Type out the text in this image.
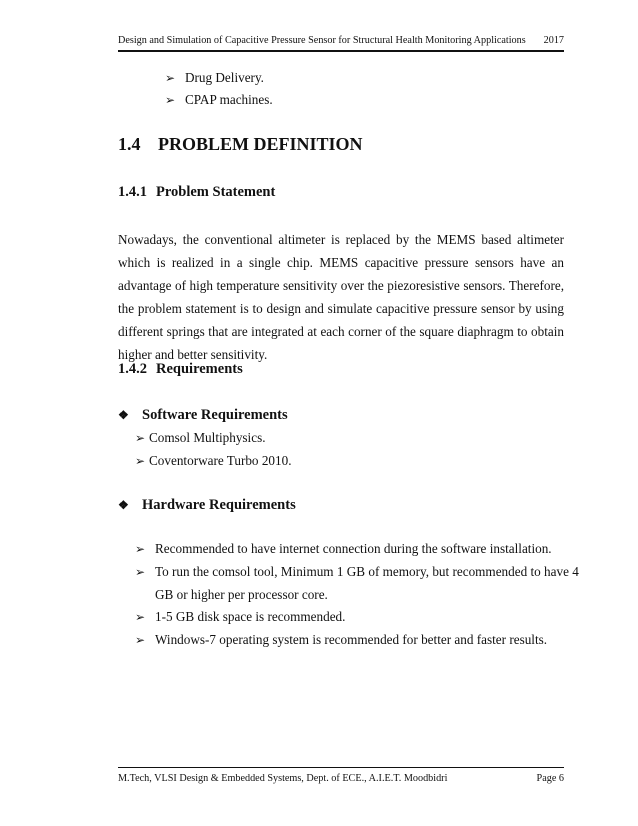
Design and Simulation of Capacitive Pressure Sensor for Structural Health Monitoring Applications 2017
➢ Drug Delivery.
➢ CPAP machines.
1.4 PROBLEM DEFINITION
1.4.1 Problem Statement
Nowadays, the conventional altimeter is replaced by the MEMS based altimeter which is realized in a single chip. MEMS capacitive pressure sensors have an advantage of high temperature sensitivity over the piezoresistive sensors. Therefore, the problem statement is to design and simulate capacitive pressure sensor by using different springs that are integrated at each corner of the square diaphragm to obtain higher and better sensitivity.
1.4.2 Requirements
❖ Software Requirements
➢ Comsol Multiphysics.
➢ Coventorware Turbo 2010.
❖ Hardware Requirements
➢ Recommended to have internet connection during the software installation.
➢ To run the comsol tool, Minimum 1 GB of memory, but recommended to have 4
GB or higher per processor core.
➢ 1-5 GB disk space is recommended.
➢ Windows-7 operating system is recommended for better and faster results.
M.Tech, VLSI Design & Embedded Systems, Dept. of ECE., A.I.E.T. Moodbidri	Page 6
